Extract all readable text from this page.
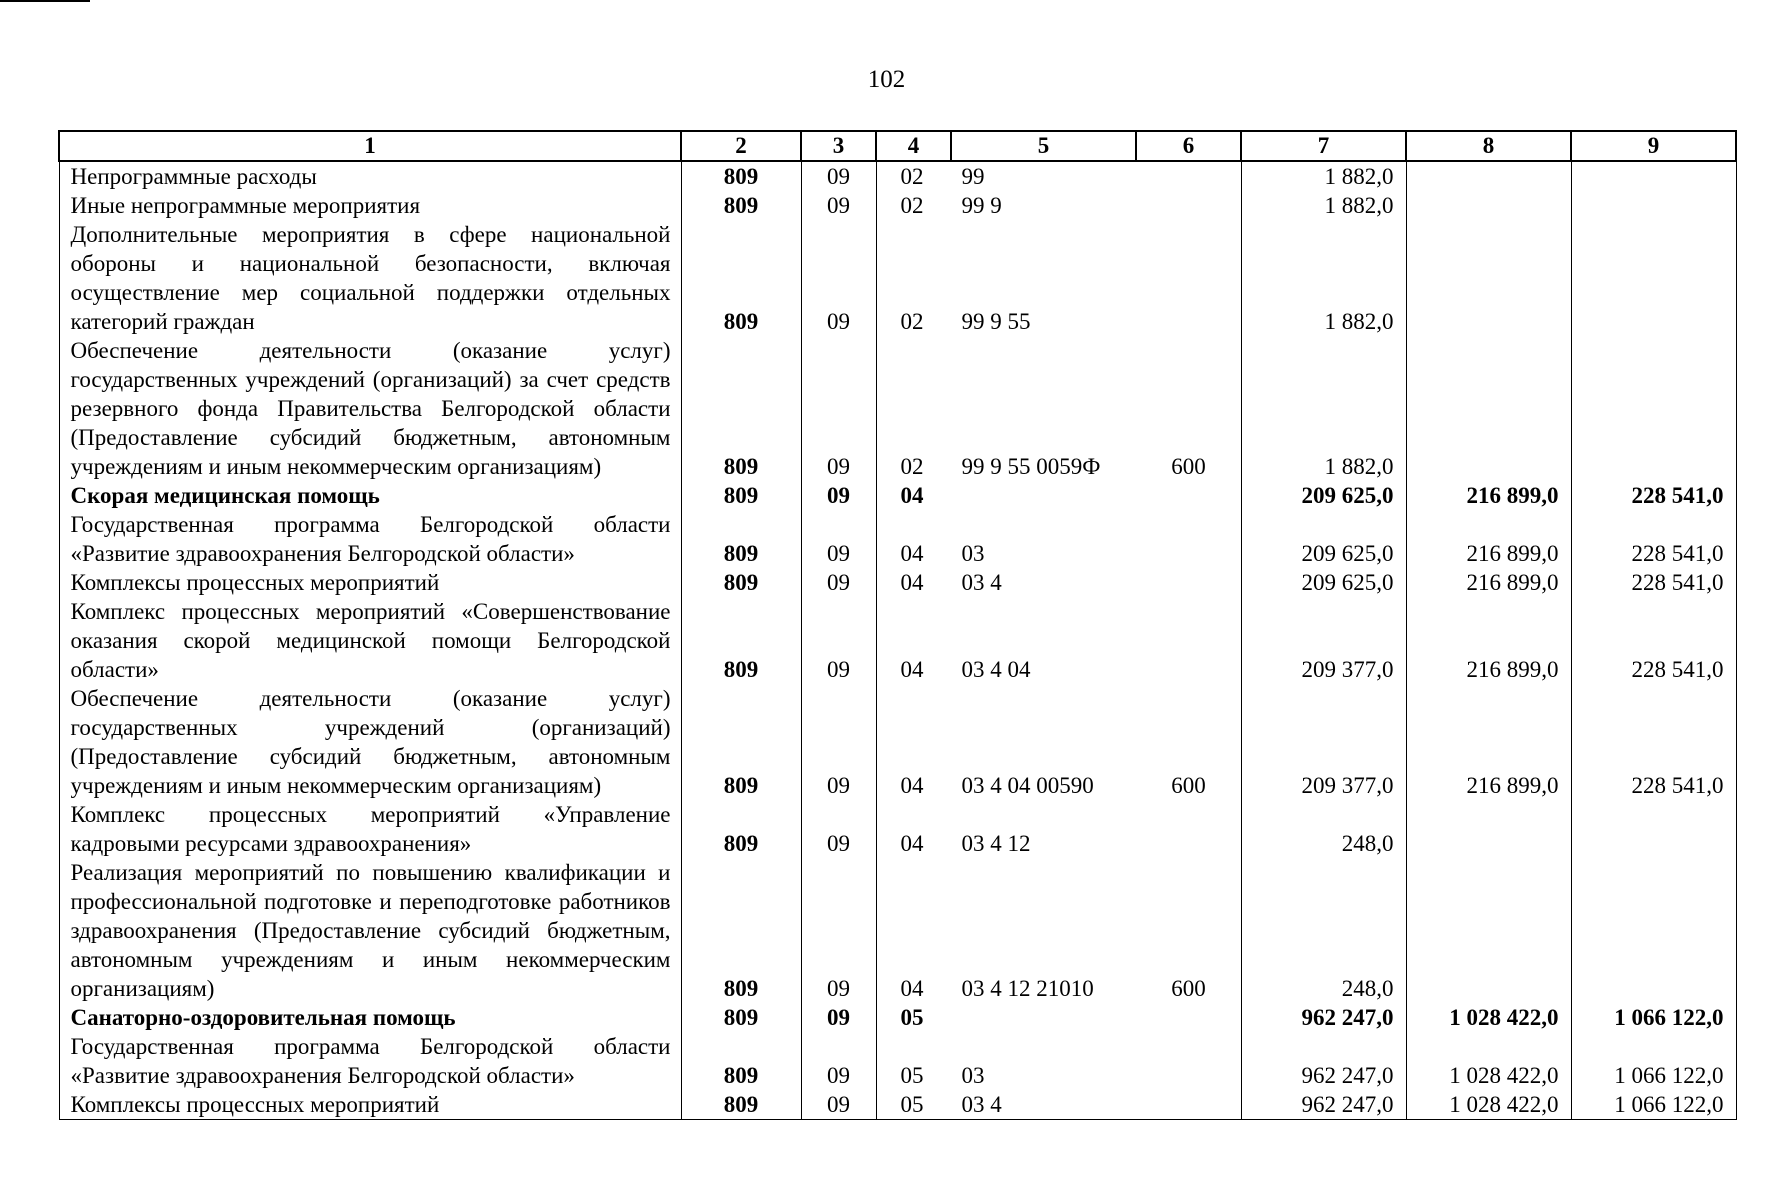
102
1	2	3	4	5	6	7	8	9
Непрограммные расходы	809	09	02	99		1 882,0		
Иные непрограммные мероприятия	809	09	02	99 9		1 882,0		
Дополнительные мероприятия в сфере национальной обороны и национальной безопасности, включая осуществление мер социальной поддержки отдельных категорий граждан	809	09	02	99 9 55		1 882,0		
Обеспечение деятельности (оказание услуг) государственных учреждений (организаций) за счет средств резервного фонда Правительства Белгородской области (Предоставление субсидий бюджетным, автономным учреждениям и иным некоммерческим организациям)	809	09	02	99 9 55 0059Ф	600	1 882,0		
Скорая медицинская помощь	809	09	04			209 625,0	216 899,0	228 541,0
Государственная программа Белгородской области «Развитие здравоохранения Белгородской области»	809	09	04	03		209 625,0	216 899,0	228 541,0
Комплексы процессных мероприятий	809	09	04	03 4		209 625,0	216 899,0	228 541,0
Комплекс процессных мероприятий «Совершенствование оказания скорой медицинской помощи Белгородской области»	809	09	04	03 4 04		209 377,0	216 899,0	228 541,0
Обеспечение деятельности (оказание услуг) государственных учреждений (организаций) (Предоставление субсидий бюджетным, автономным учреждениям и иным некоммерческим организациям)	809	09	04	03 4 04 00590	600	209 377,0	216 899,0	228 541,0
Комплекс процессных мероприятий «Управление кадровыми ресурсами здравоохранения»	809	09	04	03 4 12		248,0		
Реализация мероприятий по повышению квалификации и профессиональной подготовке и переподготовке работников здравоохранения (Предоставление субсидий бюджетным, автономным учреждениям и иным некоммерческим организациям)	809	09	04	03 4 12 21010	600	248,0		
Санаторно-оздоровительная помощь	809	09	05			962 247,0	1 028 422,0	1 066 122,0
Государственная программа Белгородской области «Развитие здравоохранения Белгородской области»	809	09	05	03		962 247,0	1 028 422,0	1 066 122,0
Комплексы процессных мероприятий	809	09	05	03 4		962 247,0	1 028 422,0	1 066 122,0
